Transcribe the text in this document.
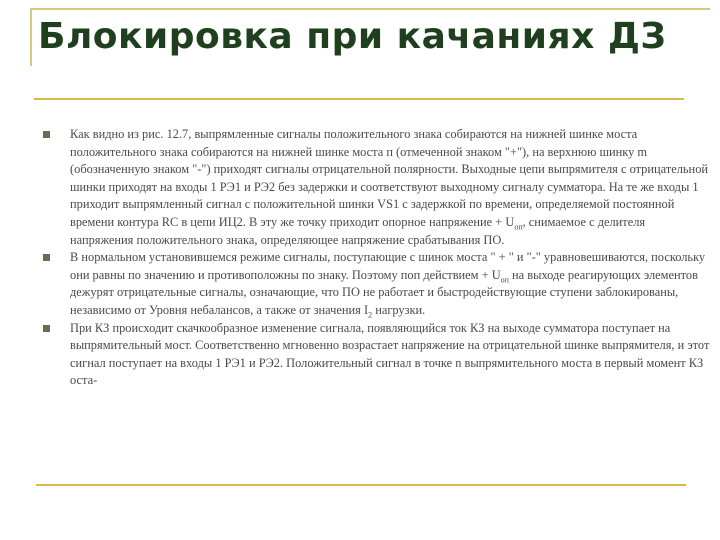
Блокировка при качаниях ДЗ
Как видно из рис. 12.7, выпрямленные сигналы положительного знака собираются на нижней шинке моста положительного знака собираются на нижней шинке моста п (отмеченной знаком "+"), на верхнюю шинку m (обозначенную знаком "-") приходят сигналы отрицательной полярности. Выходные цепи выпрямителя с отрицательной шинки приходят на входы 1 РЭ1 и РЭ2 без задержки и соответствуют выходному сигналу сумматора. На те же входы 1 приходит выпрямленный сигнал с положительной шинки VS1 с задержкой по времени, определяемой постоянной времени контура RC в цепи ИЦ2. В эту же точку приходит опорное напряжение + $U_{оп}$, снимаемое с делителя напряжения положительного знака, определяющее напряжение срабатывания ПО.
В нормальном установившемся режиме сигналы, поступающие с шинок моста " + " и "-" уравновешиваются, поскольку они равны по значению и противоположны по знаку. Поэтому поп действием + $U_{оп}$ на выходе реагирующих элементов дежурят отрицательные сигналы, означающие, что ПО не работает и быстродействующие ступени заблокированы, независимо от Уровня небалансов, а также от значения $I_2$ нагрузки.
При КЗ происходит скачкообразное изменение сигнала, появляющийся ток КЗ на выходе сумматора поступает на выпрямительный мост. Соответственно мгновенно возрастает напряжение на отрицательной шинке выпрямителя, и этот сигнал поступает на входы 1 РЭ1 и РЭ2. Положительный сигнал в точке n выпрямительного моста в первый момент КЗ оста-
